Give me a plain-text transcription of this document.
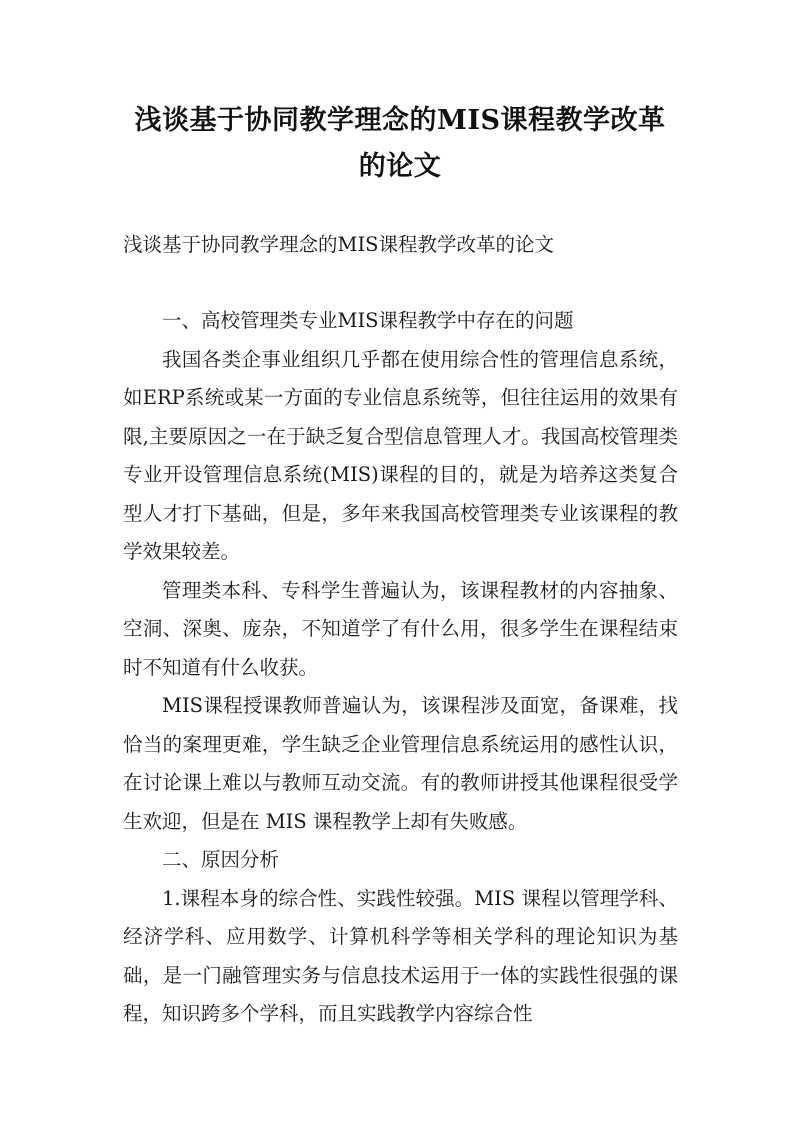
浅谈基于协同教学理念的MIS课程教学改革
的论文
浅谈基于协同教学理念的MIS课程教学改革的论文

一、高校管理类专业MIS课程教学中存在的问题

我国各类企事业组织几乎都在使用综合性的管理信息系统，如ERP系统或某一方面的专业信息系统等，但往往运用的效果有限,主要原因之一在于缺乏复合型信息管理人才。我国高校管理类专业开设管理信息系统(MIS)课程的目的，就是为培养这类复合型人才打下基础，但是，多年来我国高校管理类专业该课程的教学效果较差。

管理类本科、专科学生普遍认为，该课程教材的内容抽象、空洞、深奥、庞杂，不知道学了有什么用，很多学生在课程结束时不知道有什么收获。

MIS课程授课教师普遍认为，该课程涉及面宽，备课难，找恰当的案理更难，学生缺乏企业管理信息系统运用的感性认识，在讨论课上难以与教师互动交流。有的教师讲授其他课程很受学生欢迎，但是在 MIS 课程教学上却有失败感。

二、原因分析

1.课程本身的综合性、实践性较强。MIS 课程以管理学科、经济学科、应用数学、计算机科学等相关学科的理论知识为基础，是一门融管理实务与信息技术运用于一体的实践性很强的课程，知识跨多个学科，而且实践教学内容综合性
